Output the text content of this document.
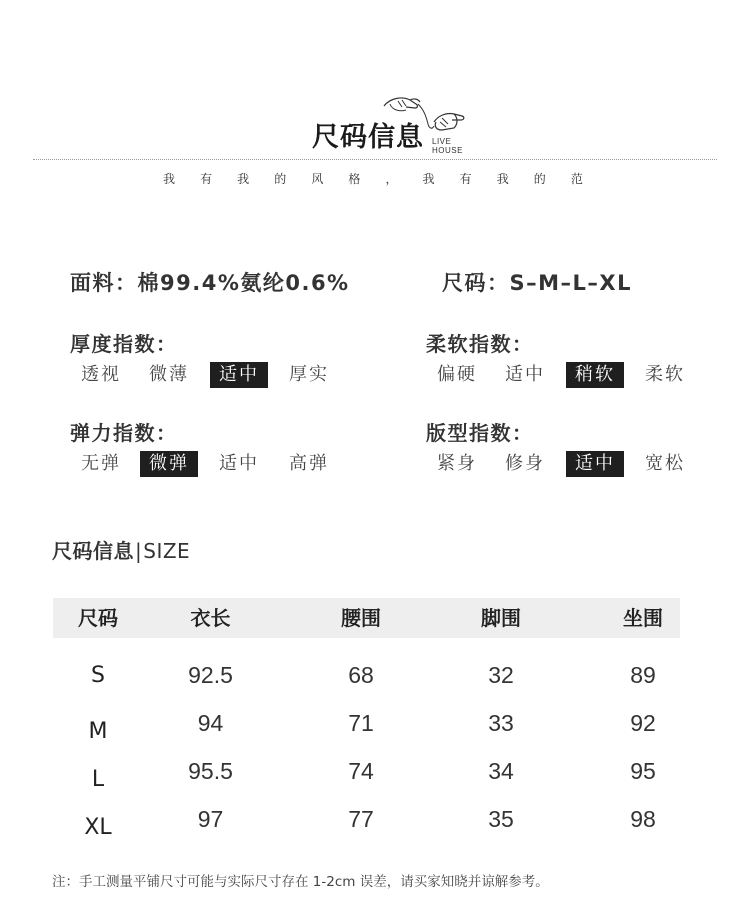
尺码信息 LIVE
HOUSE
我 有 我 的 风 格 ， 我 有 我 的 范
面料：棉99.4%氨纶0.6%	尺码：S–M–L–XL
厚度指数：
透视	微薄	适中	厚实
柔软指数：
偏硬	适中	稍软	柔软
弹力指数：
无弹	微弹	适中	高弹
版型指数：
紧身	修身	适中	宽松
尺码信息|SIZE
尺码	衣长	腰围	脚围	坐围
S	92.5	68	32	89
M	94	71	33	92
L	95.5	74	34	95
XL	97	77	35	98
注：手工测量平铺尺寸可能与实际尺寸存在 1-2cm 误差，请买家知晓并谅解参考。
